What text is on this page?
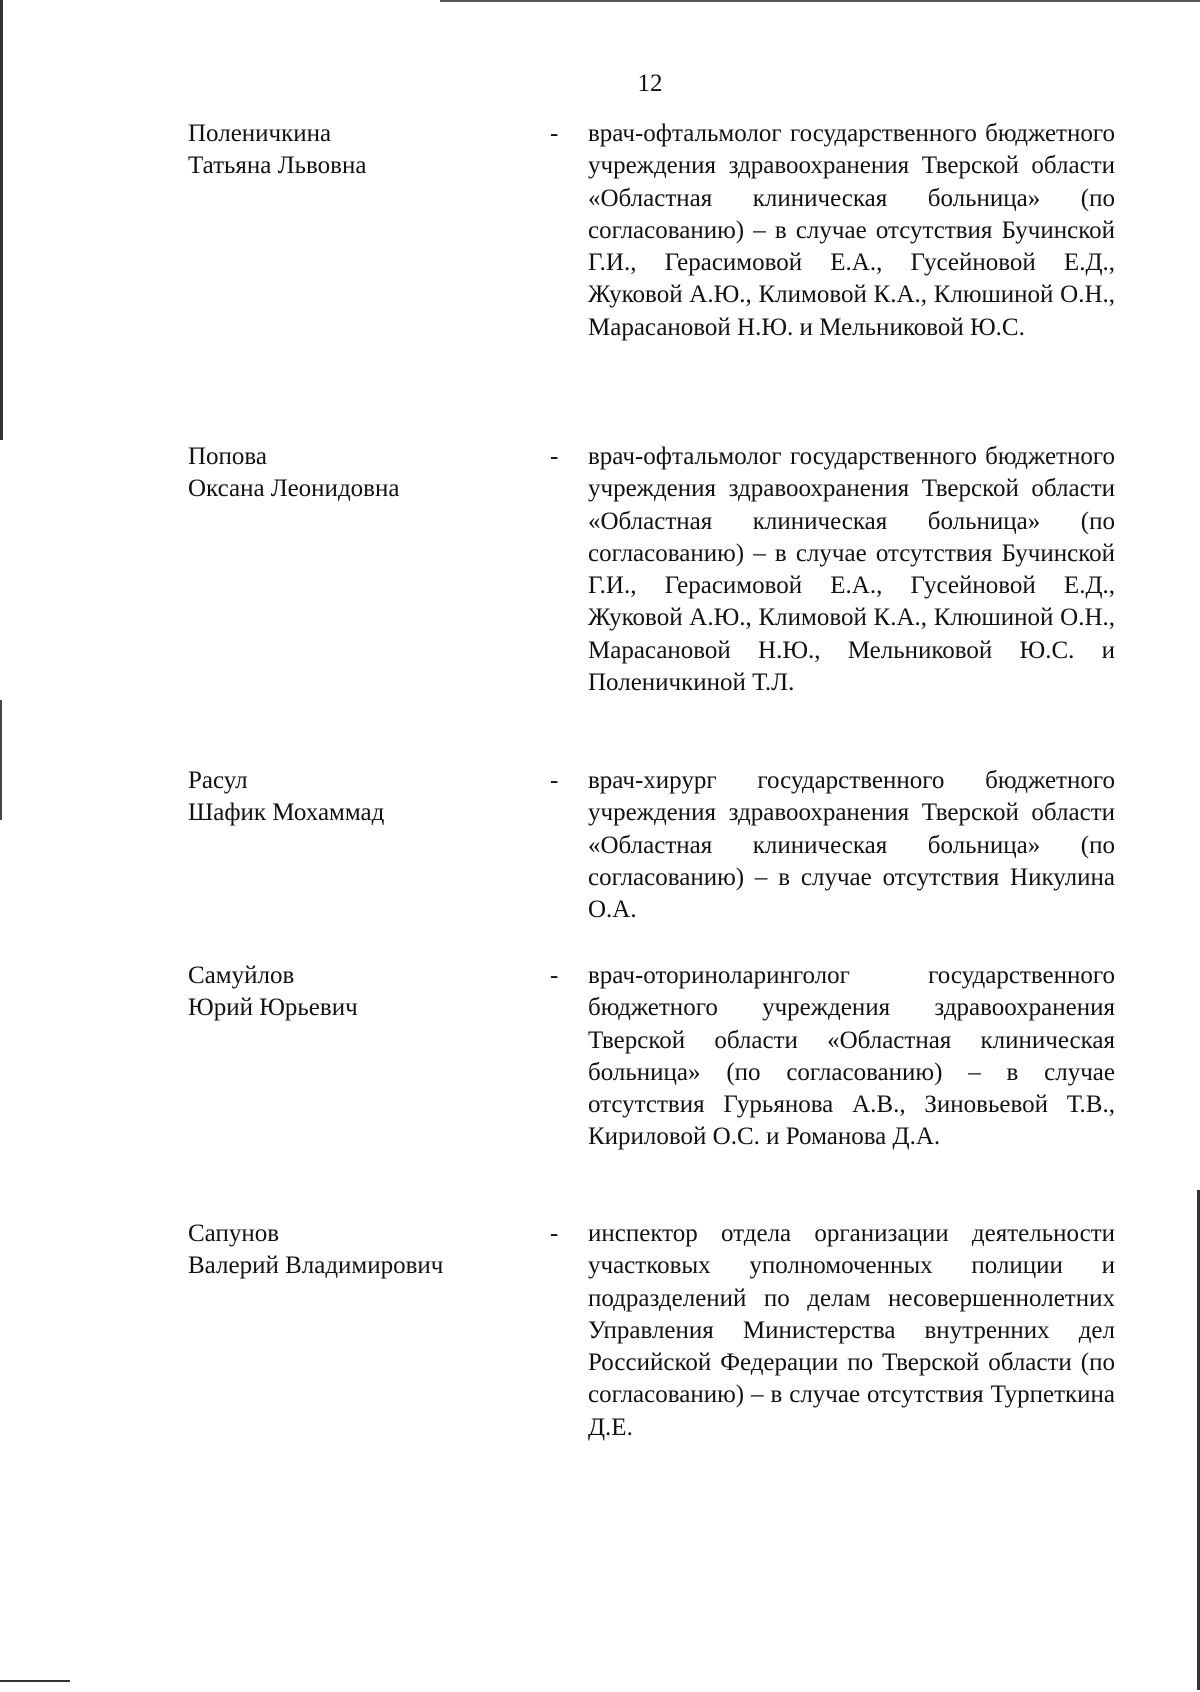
12
Поленичкина
Татьяна Львовна
- врач-офтальмолог государственного бюджетного учреждения здравоохранения Тверской области «Областная клиническая больница» (по согласованию) – в случае отсутствия Бучинской Г.И., Герасимовой Е.А., Гусейновой Е.Д., Жуковой А.Ю., Климовой К.А., Клюшиной О.Н., Марасановой Н.Ю. и Мельниковой Ю.С.
Попова
Оксана Леонидовна
- врач-офтальмолог государственного бюджетного учреждения здравоохранения Тверской области «Областная клиническая больница» (по согласованию) – в случае отсутствия Бучинской Г.И., Герасимовой Е.А., Гусейновой Е.Д., Жуковой А.Ю., Климовой К.А., Клюшиной О.Н., Марасановой Н.Ю., Мельниковой Ю.С. и Поленичкиной Т.Л.
Расул
Шафик Мохаммад
- врач-хирург государственного бюджетного учреждения здравоохранения Тверской области «Областная клиническая больница» (по согласованию) – в случае отсутствия Никулина О.А.
Самуйлов
Юрий Юрьевич
- врач-оториноларинголог государственного бюджетного учреждения здравоохранения Тверской области «Областная клиническая больница» (по согласованию) – в случае отсутствия Гурьянова А.В., Зиновьевой Т.В., Кириловой О.С. и Романова Д.А.
Сапунов
Валерий Владимирович
- инспектор отдела организации деятельности участковых уполномоченных полиции и подразделений по делам несовершеннолетних Управления Министерства внутренних дел Российской Федерации по Тверской области (по согласованию) – в случае отсутствия Турпеткина Д.Е.
